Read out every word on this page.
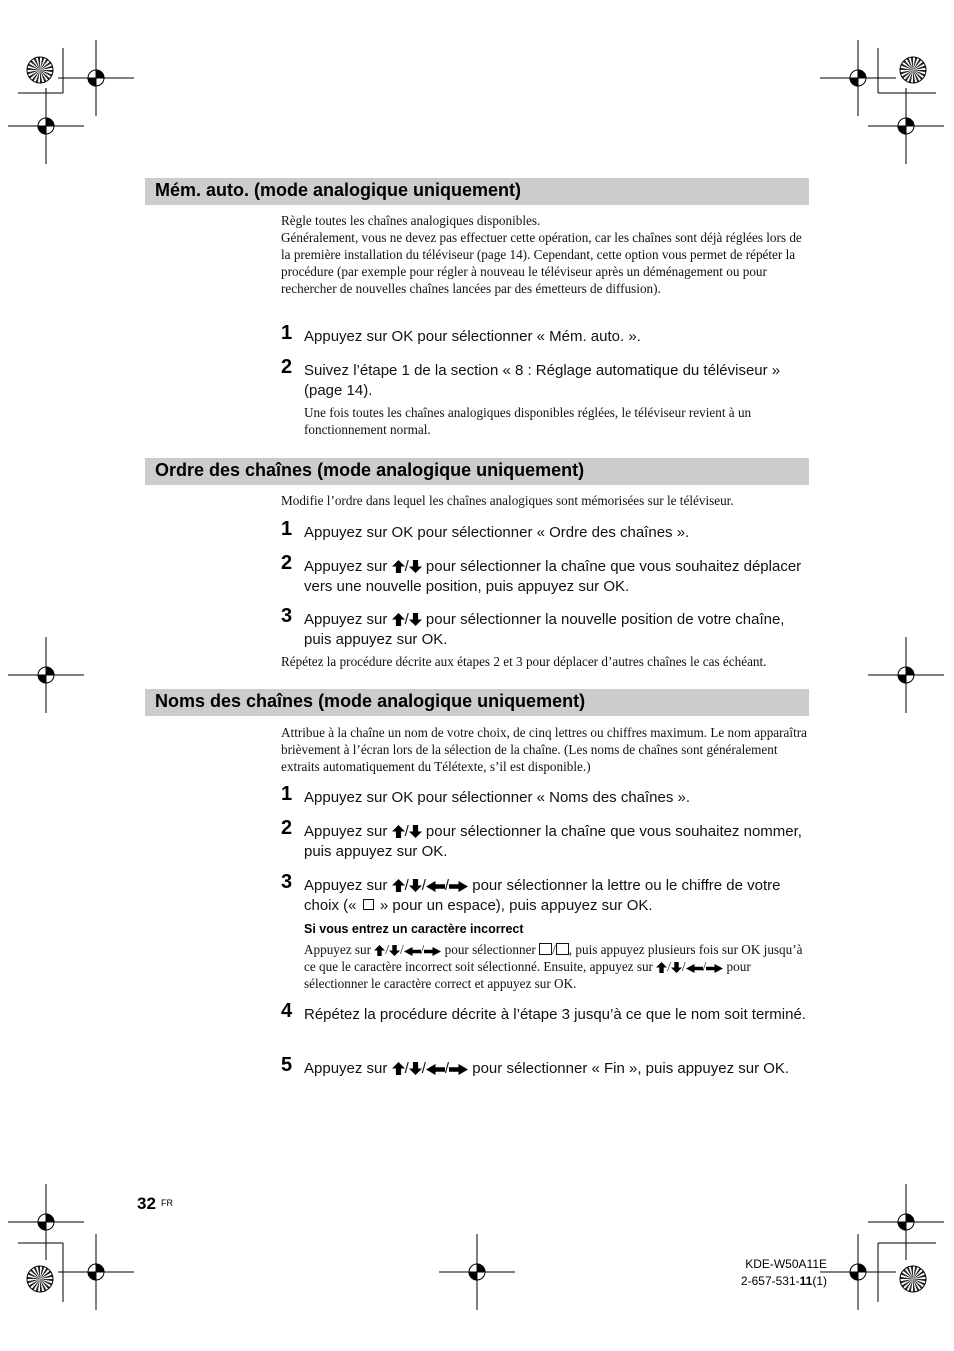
Mém. auto. (mode analogique uniquement)
Règle toutes les chaînes analogiques disponibles.
Généralement, vous ne devez pas effectuer cette opération, car les chaînes sont déjà réglées lors de la première installation du téléviseur (page 14). Cependant, cette option vous permet de répéter la procédure (par exemple pour régler à nouveau le téléviseur après un déménagement ou pour rechercher de nouvelles chaînes lancées par des émetteurs de diffusion).
1 Appuyez sur OK pour sélectionner « Mém. auto. ».
2 Suivez l’étape 1 de la section « 8 : Réglage automatique du téléviseur » (page 14).
Une fois toutes les chaînes analogiques disponibles réglées, le téléviseur revient à un fonctionnement normal.
Ordre des chaînes (mode analogique uniquement)
Modifie l’ordre dans lequel les chaînes analogiques sont mémorisées sur le téléviseur.
1 Appuyez sur OK pour sélectionner « Ordre des chaînes ».
2 Appuyez sur / pour sélectionner la chaîne que vous souhaitez déplacer vers une nouvelle position, puis appuyez sur OK.
3 Appuyez sur / pour sélectionner la nouvelle position de votre chaîne, puis appuyez sur OK.
Répétez la procédure décrite aux étapes 2 et 3 pour déplacer d’autres chaînes le cas échéant.
Noms des chaînes (mode analogique uniquement)
Attribue à la chaîne un nom de votre choix, de cinq lettres ou chiffres maximum. Le nom apparaîtra brièvement à l’écran lors de la sélection de la chaîne. (Les noms de chaînes sont généralement extraits automatiquement du Télétexte, s’il est disponible.)
1 Appuyez sur OK pour sélectionner « Noms des chaînes ».
2 Appuyez sur / pour sélectionner la chaîne que vous souhaitez nommer, puis appuyez sur OK.
3 Appuyez sur / / / pour sélectionner la lettre ou le chiffre de votre choix («  » pour un espace), puis appuyez sur OK.
Si vous entrez un caractère incorrect
Appuyez sur / / / pour sélectionner / , puis appuyez plusieurs fois sur OK jusqu’à ce que le caractère incorrect soit sélectionné. Ensuite, appuyez sur / / / pour sélectionner le caractère correct et appuyez sur OK.
4 Répétez la procédure décrite à l’étape 3 jusqu’à ce que le nom soit terminé.
5 Appuyez sur / / / pour sélectionner « Fin », puis appuyez sur OK.
32 FR
KDE-W50A11E
2-657-531-11(1)
